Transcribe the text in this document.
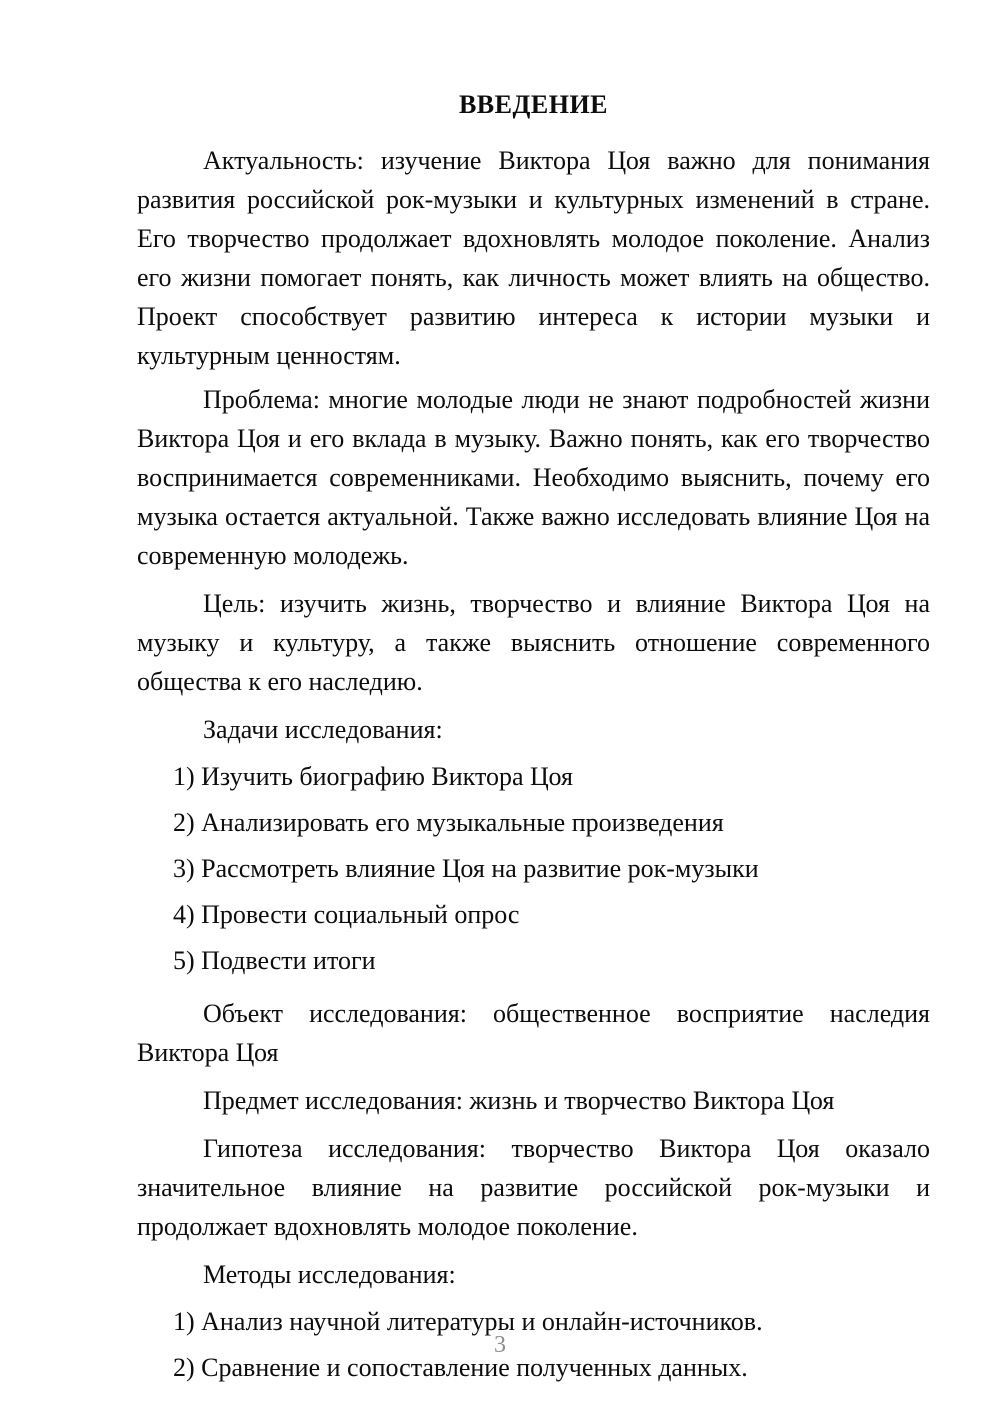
ВВЕДЕНИЕ

Актуальность: изучение Виктора Цоя важно для понимания развития российской рок-музыки и культурных изменений в стране. Его творчество продолжает вдохновлять молодое поколение. Анализ его жизни помогает понять, как личность может влиять на общество. Проект способствует развитию интереса к истории музыки и культурным ценностям.

Проблема: многие молодые люди не знают подробностей жизни Виктора Цоя и его вклада в музыку. Важно понять, как его творчество воспринимается современниками. Необходимо выяснить, почему его музыка остается актуальной. Также важно исследовать влияние Цоя на современную молодежь.

Цель: изучить жизнь, творчество и влияние Виктора Цоя на музыку и культуру, а также выяснить отношение современного общества к его наследию.

Задачи исследования:

1) Изучить биографию Виктора Цоя
2) Анализировать его музыкальные произведения
3) Рассмотреть влияние Цоя на развитие рок-музыки
4) Провести социальный опрос
5) Подвести итоги

Объект исследования: общественное восприятие наследия Виктора Цоя

Предмет исследования: жизнь и творчество Виктора Цоя

Гипотеза исследования: творчество Виктора Цоя оказало значительное влияние на развитие российской рок-музыки и продолжает вдохновлять молодое поколение.

Методы исследования:

1) Анализ научной литературы и онлайн-источников.
2) Сравнение и сопоставление полученных данных.
3
